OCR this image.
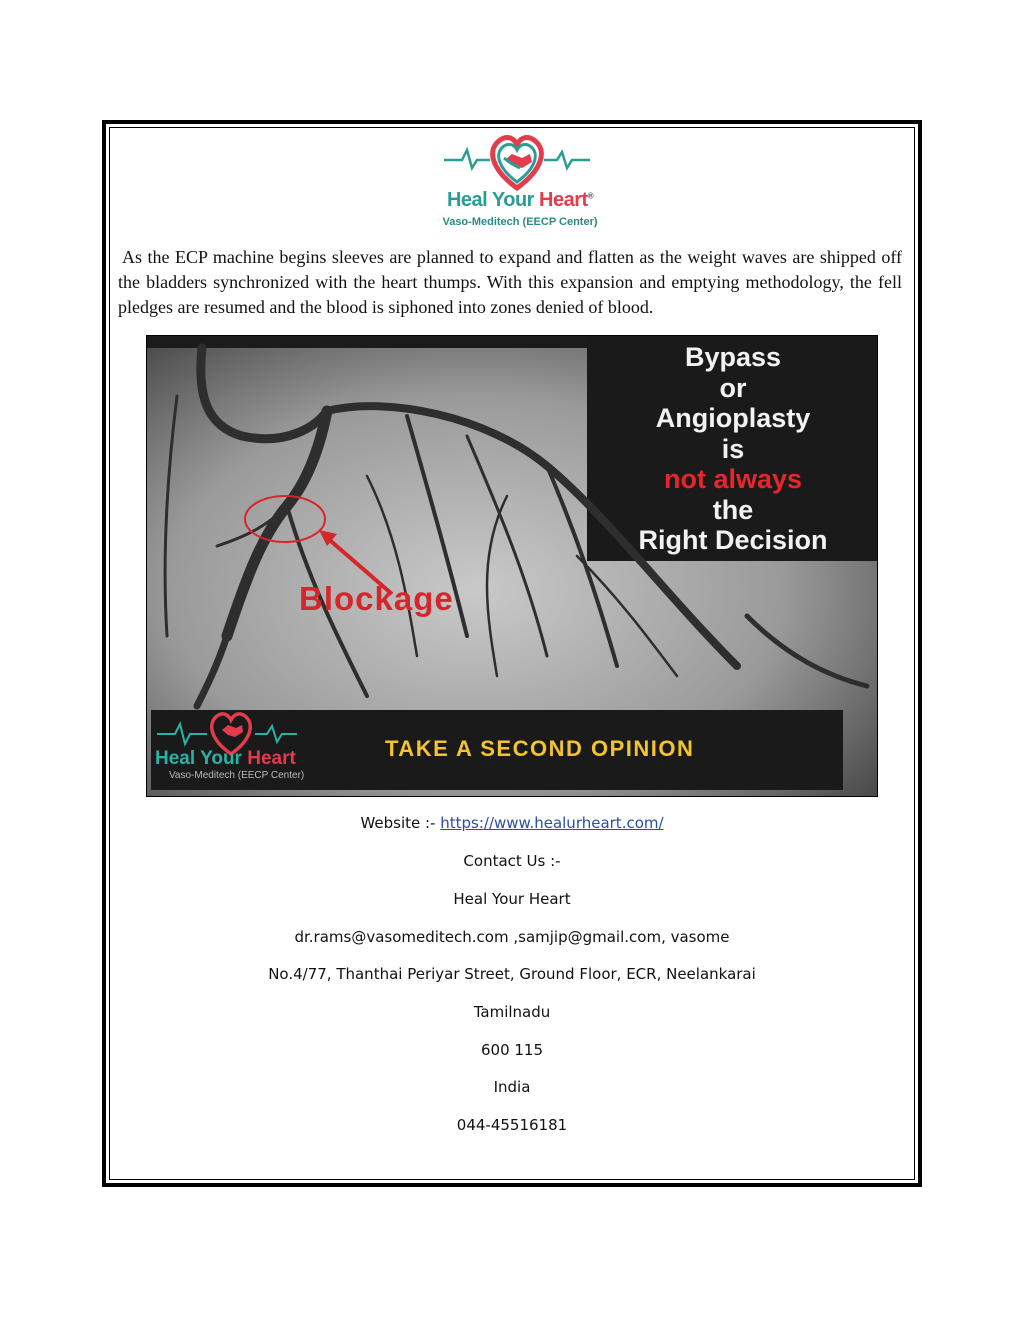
Heal Your Heart®
Vaso-Meditech (EECP Center)
As the ECP machine begins sleeves are planned to expand and flatten as the weight waves are shipped off the bladders synchronized with the heart thumps. With this expansion and emptying methodology, the fell pledges are resumed and the blood is siphoned into zones denied of blood.
Bypass
or
Angioplasty
is
not always
the
Right Decision
Blockage
TAKE A SECOND OPINION
Heal Your Heart
Vaso-Meditech (EECP Center)
Website :- https://www.healurheart.com/
Contact Us :-
Heal Your Heart
dr.rams@vasomeditech.com ,samjip@gmail.com, vasome
No.4/77, Thanthai Periyar Street, Ground Floor, ECR, Neelankarai
Tamilnadu
600 115
India
044-45516181
